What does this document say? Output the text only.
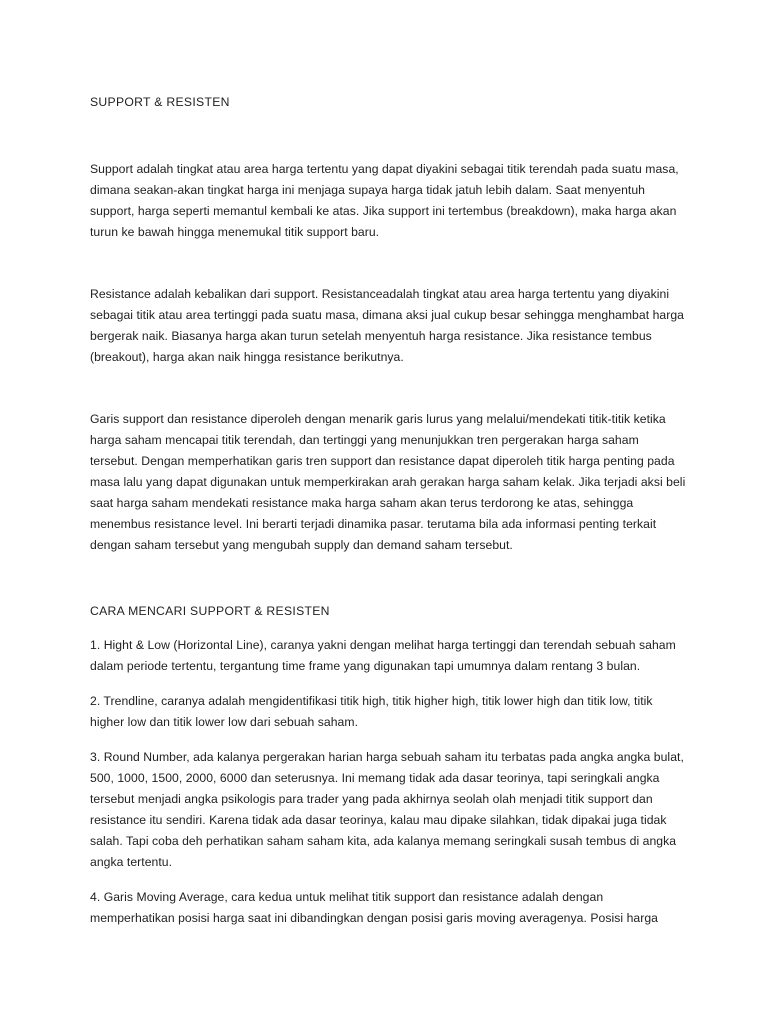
SUPPORT & RESISTEN

Support adalah tingkat atau area harga tertentu yang dapat diyakini sebagai titik terendah pada suatu masa, dimana seakan-akan tingkat harga ini menjaga supaya harga tidak jatuh lebih dalam. Saat menyentuh support, harga seperti memantul kembali ke atas. Jika support ini tertembus (breakdown), maka harga akan turun ke bawah hingga menemukal titik support baru.

Resistance adalah kebalikan dari support. Resistanceadalah tingkat atau area harga tertentu yang diyakini sebagai titik atau area tertinggi pada suatu masa, dimana aksi jual cukup besar sehingga menghambat harga bergerak naik. Biasanya harga akan turun setelah menyentuh harga resistance. Jika resistance tembus (breakout), harga akan naik hingga resistance berikutnya.

Garis support dan resistance diperoleh dengan menarik garis lurus yang melalui/mendekati titik-titik ketika harga saham mencapai titik terendah, dan tertinggi yang menunjukkan tren pergerakan harga saham tersebut. Dengan memperhatikan garis tren support dan resistance dapat diperoleh titik harga penting pada masa lalu yang dapat digunakan untuk memperkirakan arah gerakan harga saham kelak. Jika terjadi aksi beli saat harga saham mendekati resistance maka harga saham akan terus terdorong ke atas, sehingga menembus resistance level. Ini berarti terjadi dinamika pasar. terutama bila ada informasi penting terkait dengan saham tersebut yang mengubah supply dan demand saham tersebut.

CARA MENCARI SUPPORT & RESISTEN

1. Hight & Low (Horizontal Line), caranya yakni dengan melihat harga tertinggi dan terendah sebuah saham dalam periode tertentu, tergantung time frame yang digunakan tapi umumnya dalam rentang 3 bulan.

2. Trendline, caranya adalah mengidentifikasi titik high, titik higher high, titik lower high dan titik low, titik higher low dan titik lower low dari sebuah saham.

3. Round Number, ada kalanya pergerakan harian harga sebuah saham itu terbatas pada angka angka bulat, 500, 1000, 1500, 2000, 6000 dan seterusnya. Ini memang tidak ada dasar teorinya, tapi seringkali angka tersebut menjadi angka psikologis para trader yang pada akhirnya seolah olah menjadi titik support dan resistance itu sendiri. Karena tidak ada dasar teorinya, kalau mau dipake silahkan, tidak dipakai juga tidak salah. Tapi coba deh perhatikan saham saham kita, ada kalanya memang seringkali susah tembus di angka angka tertentu.

4. Garis Moving Average, cara kedua untuk melihat titik support dan resistance adalah dengan memperhatikan posisi harga saat ini dibandingkan dengan posisi garis moving averagenya. Posisi harga
